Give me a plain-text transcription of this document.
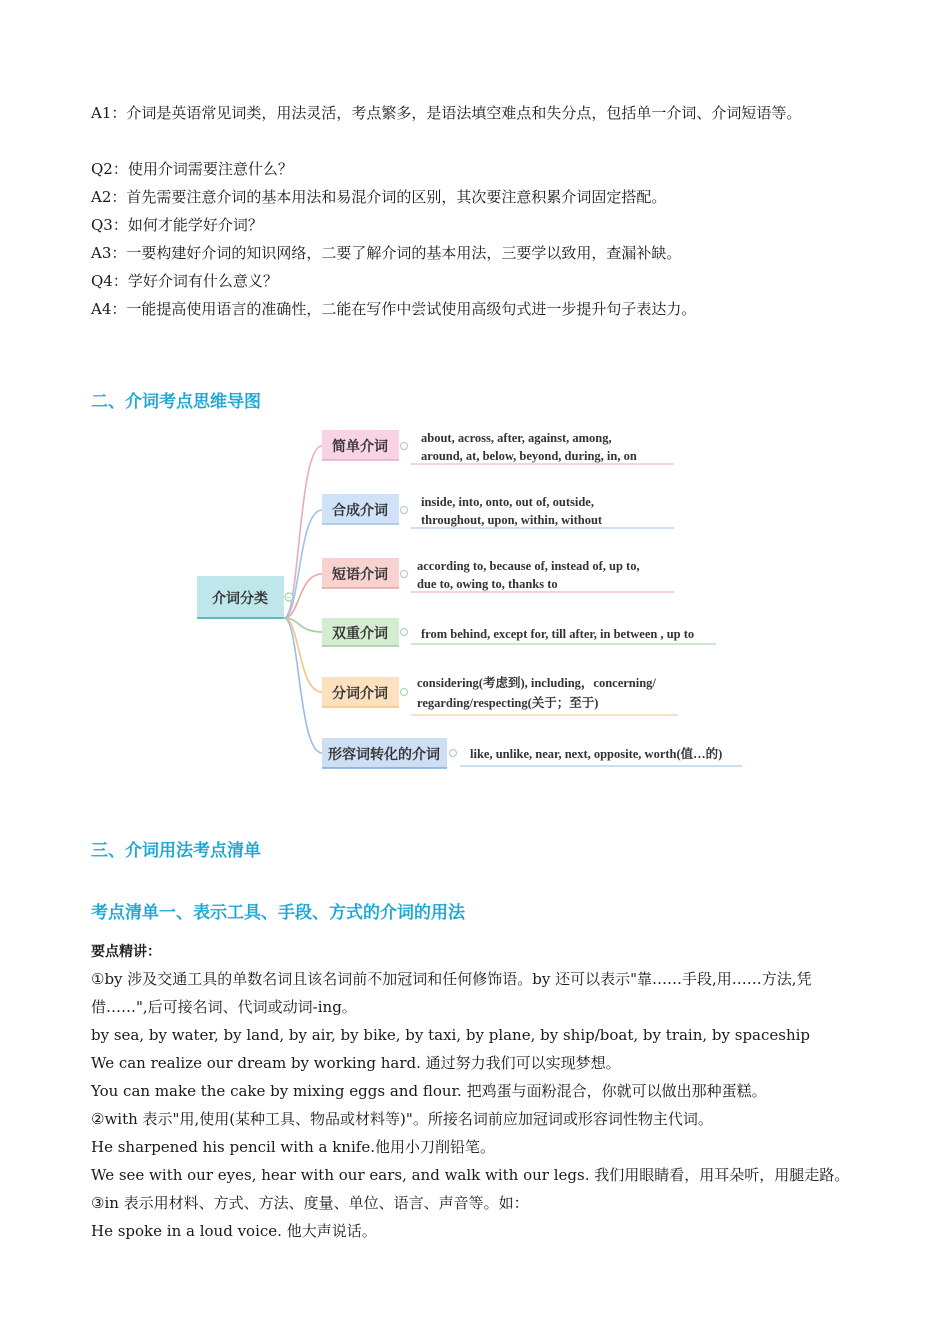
A1：介词是英语常见词类，用法灵活，考点繁多，是语法填空难点和失分点，包括单一介词、介词短语等。
Q2：使用介词需要注意什么？
A2：首先需要注意介词的基本用法和易混介词的区别，其次要注意积累介词固定搭配。
Q3：如何才能学好介词？
A3：一要构建好介词的知识网络，二要了解介词的基本用法，三要学以致用，查漏补缺。
Q4：学好介词有什么意义？
A4：一能提高使用语言的准确性，二能在写作中尝试使用高级句式进一步提升句子表达力。
二、介词考点思维导图
介词分类	−
简单介词
about, across, after, against, among,
around, at, below, beyond, during, in, on
合成介词
inside, into, onto, out of, outside,
throughout, upon, within, without
短语介词
according to, because of, instead of, up to,
due to, owing to, thanks to
双重介词	from behind, except for, till after, in between , up to
分词介词
considering(考虑到), including，concerning/
regarding/respecting(关于；至于)
形容词转化的介词 like, unlike, near, next, opposite, worth(值…的)
三、介词用法考点清单
考点清单一、表示工具、手段、方式的介词的用法
要点精讲：
①by 涉及交通工具的单数名词且该名词前不加冠词和任何修饰语。by 还可以表示"靠……手段,用……方法,凭借……",后可接名词、代词或动词-ing。
by sea, by water, by land, by air, by bike, by taxi, by plane, by ship/boat, by train, by spaceship
We can realize our dream by working hard. 通过努力我们可以实现梦想。
You can make the cake by mixing eggs and flour. 把鸡蛋与面粉混合，你就可以做出那种蛋糕。
②with 表示"用,使用(某种工具、物品或材料等)"。所接名词前应加冠词或形容词性物主代词。
He sharpened his pencil with a knife.他用小刀削铅笔。
We see with our eyes, hear with our ears, and walk with our legs. 我们用眼睛看，用耳朵听，用腿走路。
③in 表示用材料、方式、方法、度量、单位、语言、声音等。如：
He spoke in a loud voice. 他大声说话。
